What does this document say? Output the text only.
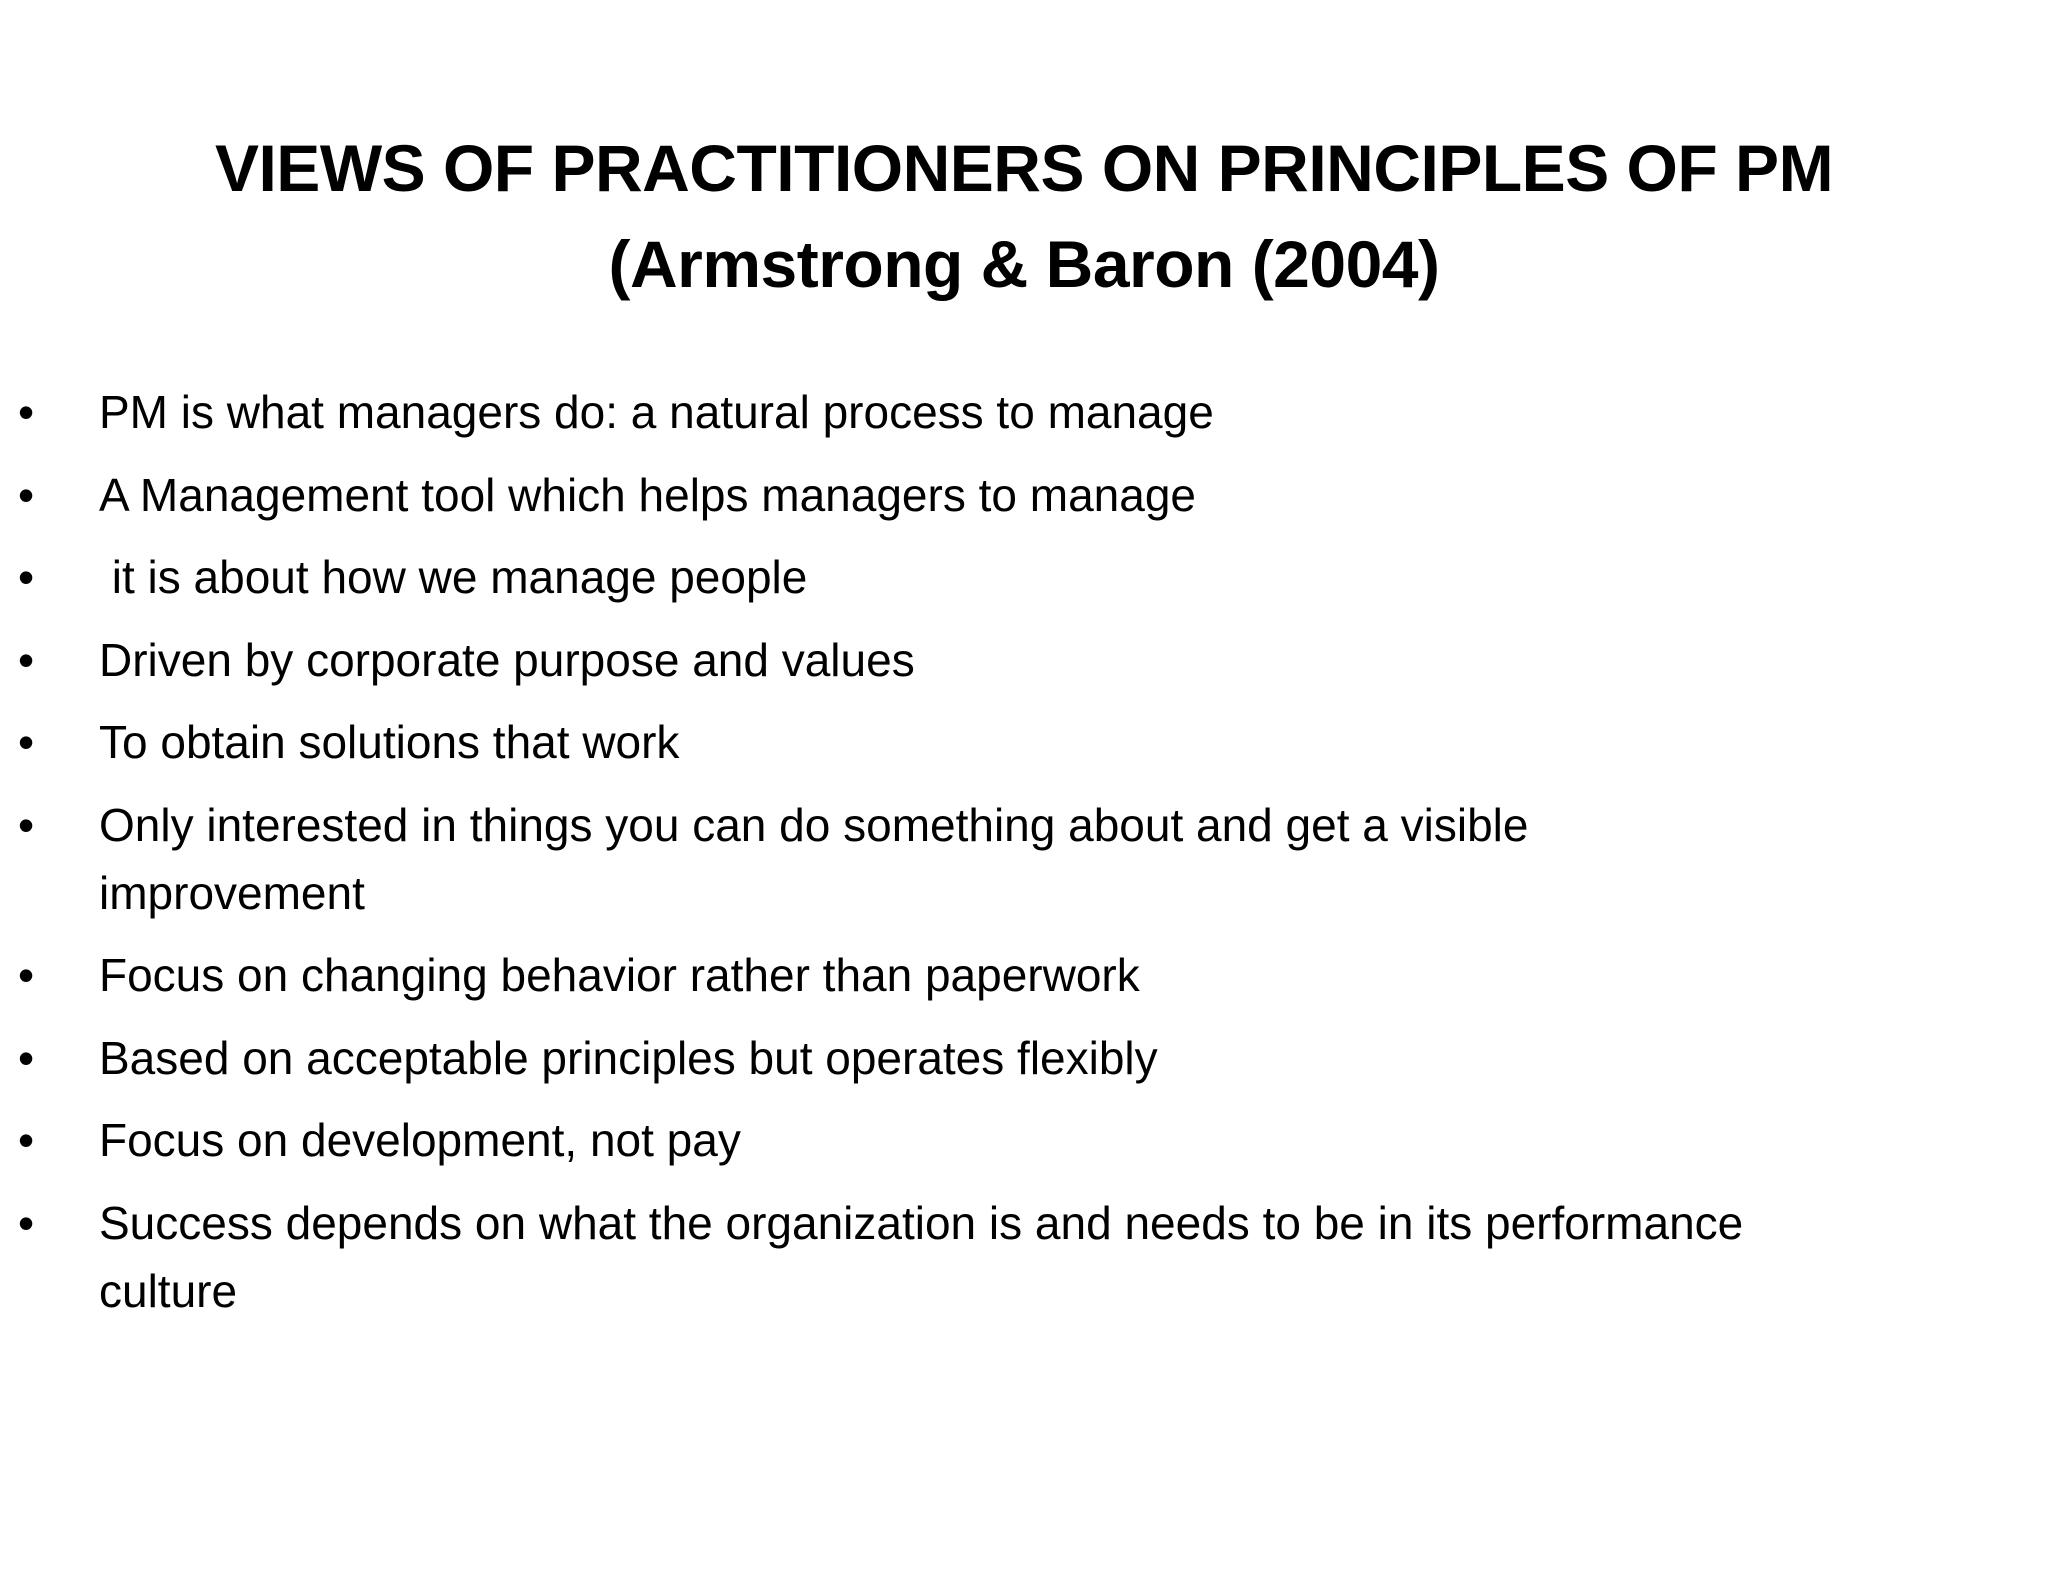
VIEWS OF PRACTITIONERS ON PRINCIPLES OF PM
(Armstrong & Baron (2004)
•	PM is what managers do: a natural process to manage
•	A Management tool which helps managers to manage
•	it is about how we manage people
•	Driven by corporate purpose and values
•	To obtain solutions that work
•	Only interested in things you can do something about and get a visible
improvement
•	Focus on changing behavior rather than paperwork
•	Based on acceptable principles but operates flexibly
•	Focus on development, not pay
•	Success depends on what the organization is and needs to be in its performance
culture
